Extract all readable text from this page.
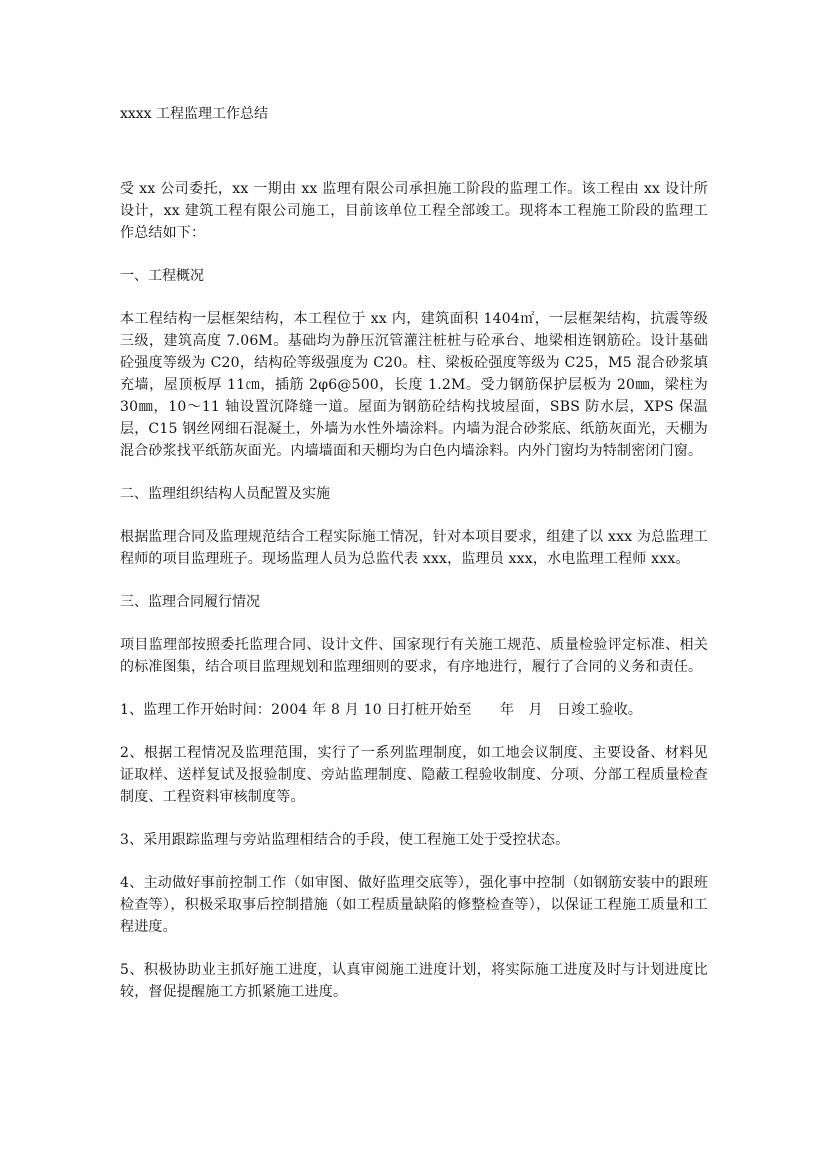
xxxx 工程监理工作总结

受 xx 公司委托，xx 一期由 xx 监理有限公司承担施工阶段的监理工作。该工程由 xx 设计所设计，xx 建筑工程有限公司施工，目前该单位工程全部竣工。现将本工程施工阶段的监理工作总结如下：

一、工程概况

本工程结构一层框架结构，本工程位于 xx 内，建筑面积 1404㎡，一层框架结构，抗震等级三级，建筑高度 7.06M。基础均为静压沉管灌注桩桩与砼承台、地梁相连钢筋砼。设计基础砼强度等级为 C20，结构砼等级强度为 C20。柱、梁板砼强度等级为 C25，M5 混合砂浆填充墙，屋顶板厚 11㎝，插筋 2φ6@500，长度 1.2M。受力钢筋保护层板为 20㎜，梁柱为 30㎜，10～11 轴设置沉降缝一道。屋面为钢筋砼结构找坡屋面，SBS 防水层，XPS 保温层，C15 钢丝网细石混凝土，外墙为水性外墙涂料。内墙为混合砂浆底、纸筋灰面光，天棚为混合砂浆找平纸筋灰面光。内墙墙面和天棚均为白色内墙涂料。内外门窗均为特制密闭门窗。

二、监理组织结构人员配置及实施

根据监理合同及监理规范结合工程实际施工情况，针对本项目要求，组建了以 xxx 为总监理工程师的项目监理班子。现场监理人员为总监代表 xxx，监理员 xxx，水电监理工程师 xxx。

三、监理合同履行情况

项目监理部按照委托监理合同、设计文件、国家现行有关施工规范、质量检验评定标准、相关的标准图集，结合项目监理规划和监理细则的要求，有序地进行，履行了合同的义务和责任。

1、监理工作开始时间：2004 年 8 月 10 日打桩开始至　　年　月　日竣工验收。

2、根据工程情况及监理范围，实行了一系列监理制度，如工地会议制度、主要设备、材料见证取样、送样复试及报验制度、旁站监理制度、隐蔽工程验收制度、分项、分部工程质量检查制度、工程资料审核制度等。

3、采用跟踪监理与旁站监理相结合的手段，使工程施工处于受控状态。

4、主动做好事前控制工作（如审图、做好监理交底等），强化事中控制（如钢筋安装中的跟班检查等），积极采取事后控制措施（如工程质量缺陷的修整检查等），以保证工程施工质量和工程进度。

5、积极协助业主抓好施工进度，认真审阅施工进度计划，将实际施工进度及时与计划进度比较，督促提醒施工方抓紧施工进度。
